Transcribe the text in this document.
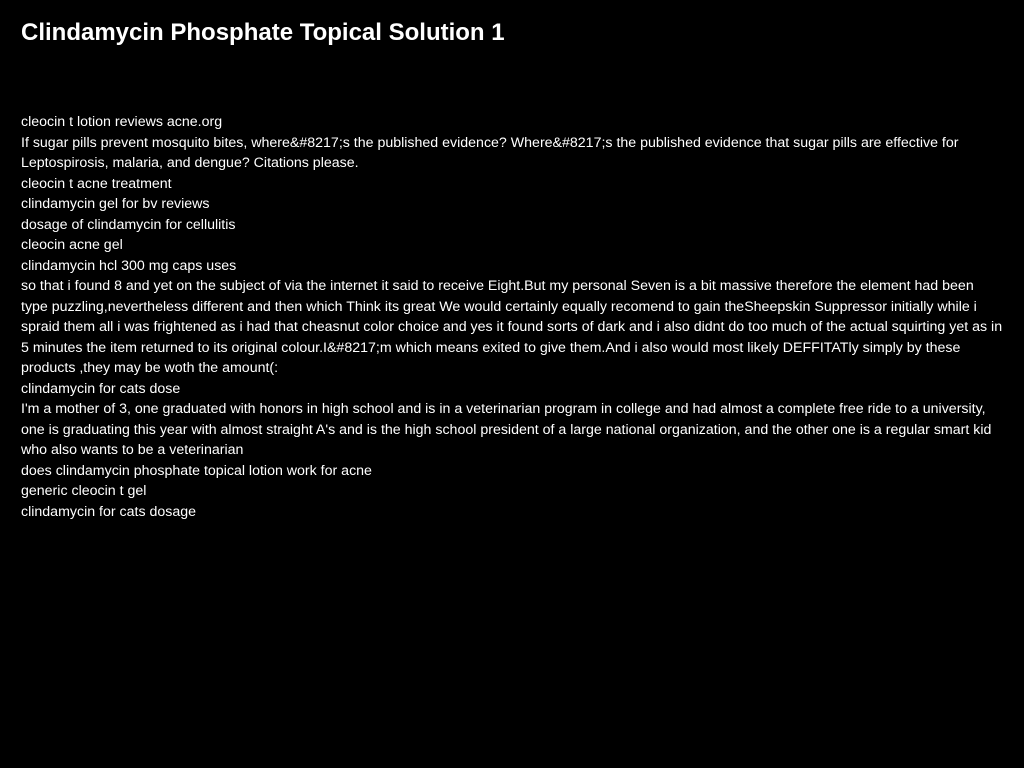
Clindamycin Phosphate Topical Solution 1

cleocin t lotion reviews acne.org

If sugar pills prevent mosquito bites, where&#8217;s the published evidence? Where&#8217;s the published evidence that sugar pills are effective for Leptospirosis, malaria, and dengue? Citations please.

cleocin t acne treatment

clindamycin gel for bv reviews

dosage of clindamycin for cellulitis

cleocin acne gel

clindamycin hcl 300 mg caps uses

so that i found 8 and yet on the subject of via the internet it said to receive Eight.But my personal Seven is a bit massive therefore the element had been type puzzling,nevertheless different and then which Think its great We would certainly equally recomend to gain theSheepskin Suppressor initially while i spraid them all i was frightened as i had that cheasnut color choice and yes it found sorts of dark and i also didnt do too much of the actual squirting yet as in 5 minutes the item returned to its original colour.I&#8217;m which means exited to give them.And i also would most likely DEFFITATly simply by these products ,they may be woth the amount(:

clindamycin for cats dose

I'm a mother of 3, one graduated with honors in high school and is in a veterinarian program in college and had almost a complete free ride to a university, one is graduating this year with almost straight A's and is the high school president of a large national organization, and the other one is a regular smart kid who also wants to be a veterinarian

does clindamycin phosphate topical lotion work for acne

generic cleocin t gel

clindamycin for cats dosage
